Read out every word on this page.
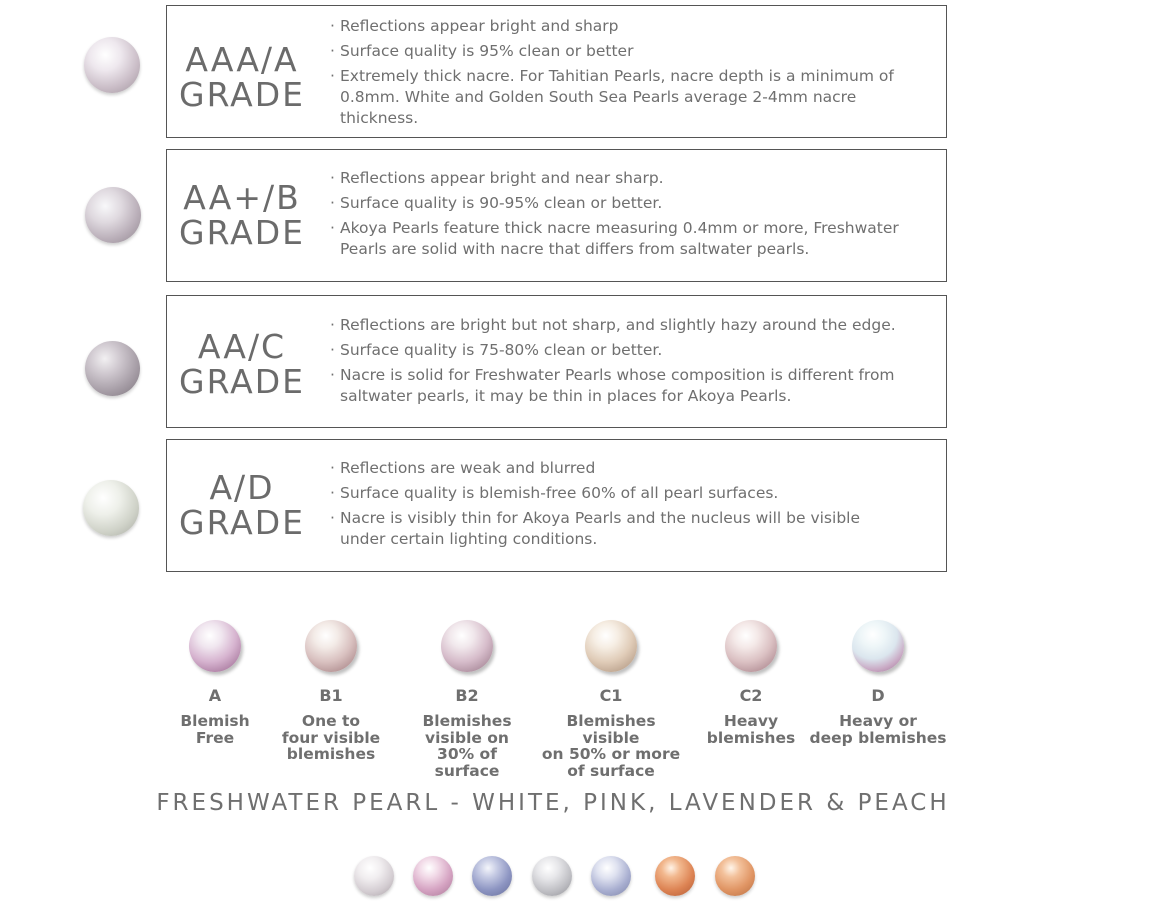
AAA/A
GRADE
· Reflections appear bright and sharp
· Surface quality is 95% clean or better
· Extremely thick nacre. For Tahitian Pearls, nacre depth is a minimum of 0.8mm. White and Golden South Sea Pearls average 2-4mm nacre thickness.
AA+/B
GRADE
· Reflections appear bright and near sharp.
· Surface quality is 90-95% clean or better.
· Akoya Pearls feature thick nacre measuring 0.4mm or more, Freshwater Pearls are solid with nacre that differs from saltwater pearls.
AA/C
GRADE
· Reflections are bright but not sharp, and slightly hazy around the edge.
· Surface quality is 75-80% clean or better.
· Nacre is solid for Freshwater Pearls whose composition is different from saltwater pearls, it may be thin in places for Akoya Pearls.
A/D
GRADE
· Reflections are weak and blurred
· Surface quality is blemish-free 60% of all pearl surfaces.
· Nacre is visibly thin for Akoya Pearls and the nucleus will be visible under certain lighting conditions.
A
Blemish
Free
B1
One to
four visible
blemishes
B2
Blemishes
visible on
30% of surface
C1
Blemishes visible
on 50% or more
of surface
C2
Heavy
blemishes
D
Heavy or
deep blemishes
FRESHWATER PEARL - WHITE, PINK, LAVENDER & PEACH
